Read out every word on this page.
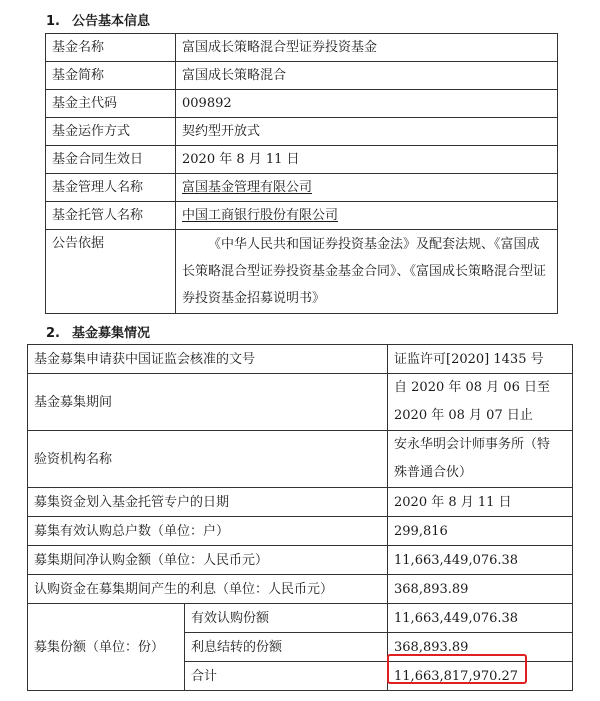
1. 公告基本信息
基金名称	富国成长策略混合型证券投资基金
基金简称	富国成长策略混合
基金主代码	009892
基金运作方式	契约型开放式
基金合同生效日	2020 年 8 月 11 日
基金管理人名称	富国基金管理有限公司
基金托管人名称	中国工商银行股份有限公司
公告依据	《中华人民共和国证券投资基金法》及配套法规、《富国成长策略混合型证券投资基金基金合同》、《富国成长策略混合型证券投资基金招募说明书》
2. 基金募集情况
基金募集申请获中国证监会核准的文号		证监许可[2020] 1435 号
基金募集期间		自 2020 年 08 月 06 日至
2020 年 08 月 07 日止

验资机构名称		安永华明会计师事务所（特
殊普通合伙）

募集资金划入基金托管专户的日期		2020 年 8 月 11 日
募集有效认购总户数（单位：户）		299,816
募集期间净认购金额（单位：人民币元）		11,663,449,076.38
认购资金在募集期间产生的利息（单位：人民币元）		368,893.89
募集份额（单位：份）	有效认购份额	11,663,449,076.38
	利息结转的份额	368,893.89
	合计	11,663,817,970.27
